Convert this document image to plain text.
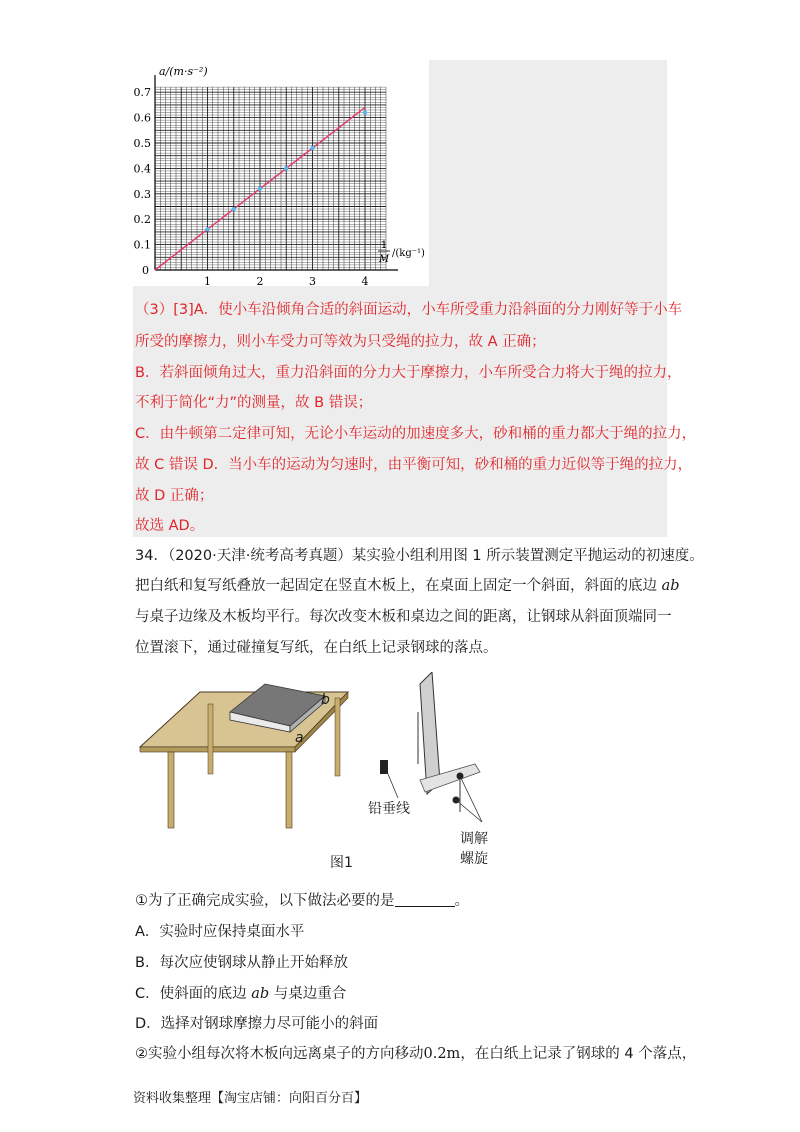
0.1
0.2
0.3
0.4
0.5
0.6
0.7
1	2	3	4
0
a/(m·s⁻²)
1
M
/(kg⁻¹)
（3）[3]A．使小车沿倾角合适的斜面运动，小车所受重力沿斜面的分力刚好等于小车
所受的摩擦力，则小车受力可等效为只受绳的拉力，故 A 正确；
B．若斜面倾角过大，重力沿斜面的分力大于摩擦力，小车所受合力将大于绳的拉力，
不利于简化“力”的测量，故 B 错误；
C．由牛顿第二定律可知，无论小车运动的加速度多大，砂和桶的重力都大于绳的拉力，
故 C 错误 D．当小车的运动为匀速时，由平衡可知，砂和桶的重力近似等于绳的拉力，
故 D 正确；
故选 AD。
34．（2020·天津·统考高考真题）某实验小组利用图 1 所示装置测定平抛运动的初速度。
把白纸和复写纸叠放一起固定在竖直木板上，在桌面上固定一个斜面，斜面的底边 ab
与桌子边缘及木板均平行。每次改变木板和桌边之间的距离，让钢球从斜面顶端同一
位置滚下，通过碰撞复写纸，在白纸上记录钢球的落点。
b
a
铅垂线
调解螺旋
图1
①为了正确完成实验，以下做法必要的是	。
A．实验时应保持桌面水平
B．每次应使钢球从静止开始释放
C．使斜面的底边 ab 与桌边重合
D．选择对钢球摩擦力尽可能小的斜面
②实验小组每次将木板向远离桌子的方向移动0.2m，在白纸上记录了钢球的 4 个落点，
资料收集整理【淘宝店铺：向阳百分百】
